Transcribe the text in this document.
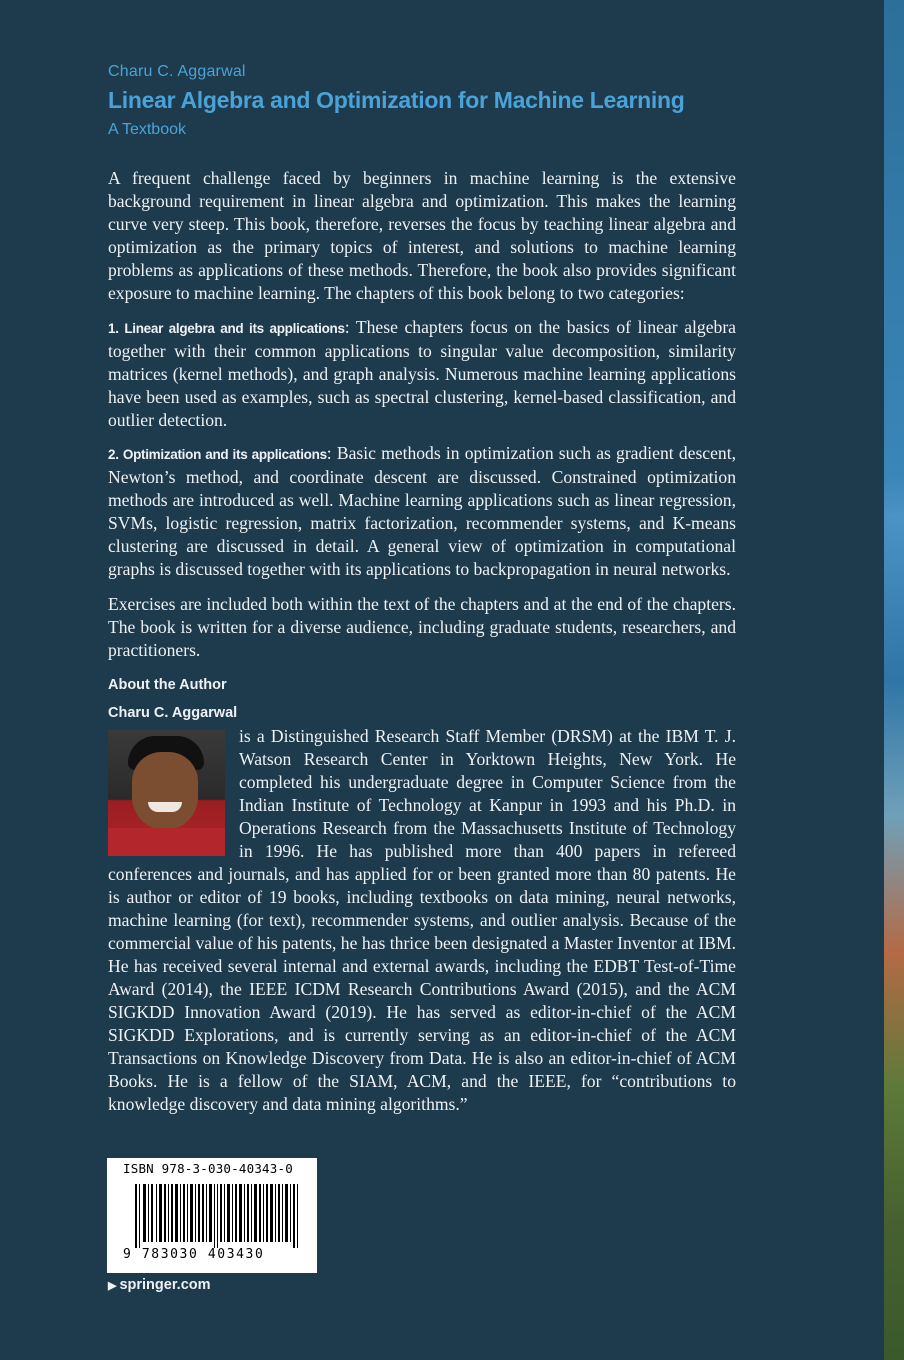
Charu C. Aggarwal
Linear Algebra and Optimization for Machine Learning
A Textbook
A frequent challenge faced by beginners in machine learning is the extensive background requirement in linear algebra and optimization. This makes the learning curve very steep. This book, therefore, reverses the focus by teaching linear algebra and optimization as the primary topics of interest, and solutions to machine learning problems as applications of these methods. Therefore, the book also provides significant exposure to machine learning. The chapters of this book belong to two categories:
1. Linear algebra and its applications: These chapters focus on the basics of linear algebra together with their common applications to singular value decomposition, similarity matrices (kernel methods), and graph analysis. Numerous machine learning applications have been used as examples, such as spectral clustering, kernel-based classification, and outlier detection.
2. Optimization and its applications: Basic methods in optimization such as gradient descent, Newton’s method, and coordinate descent are discussed. Constrained optimization methods are introduced as well. Machine learning applications such as linear regression, SVMs, logistic regression, matrix factorization, recommender systems, and K-means clustering are discussed in detail. A general view of optimization in computational graphs is discussed together with its applications to backpropagation in neural networks.
Exercises are included both within the text of the chapters and at the end of the chapters. The book is written for a diverse audience, including graduate students, researchers, and practitioners.
About the Author
Charu C. Aggarwal

is a Distinguished Research Staff Member (DRSM) at the IBM T. J. Watson Research Center in Yorktown Heights, New York. He completed his undergraduate degree in Computer Science from the Indian Institute of Technology at Kanpur in 1993 and his Ph.D. in Operations Research from the Massachusetts Institute of Technology in 1996. He has published more than 400 papers in refereed conferences and journals, and has applied for or been granted more than 80 patents. He is author or editor of 19 books, including textbooks on data mining, neural networks, machine learning (for text), recommender systems, and outlier analysis. Because of the commercial value of his patents, he has thrice been designated a Master Inventor at IBM. He has received several internal and external awards, including the EDBT Test-of-Time Award (2014), the IEEE ICDM Research Contributions Award (2015), and the ACM SIGKDD Innovation Award (2019). He has served as editor-in-chief of the ACM SIGKDD Explorations, and is currently serving as an editor-in-chief of the ACM Transactions on Knowledge Discovery from Data. He is also an editor-in-chief of ACM Books. He is a fellow of the SIAM, ACM, and the IEEE, for “contributions to knowledge discovery and data mining algorithms.”
ISBN 978-3-030-40343-0
9 783030 403430
▶ springer.com
